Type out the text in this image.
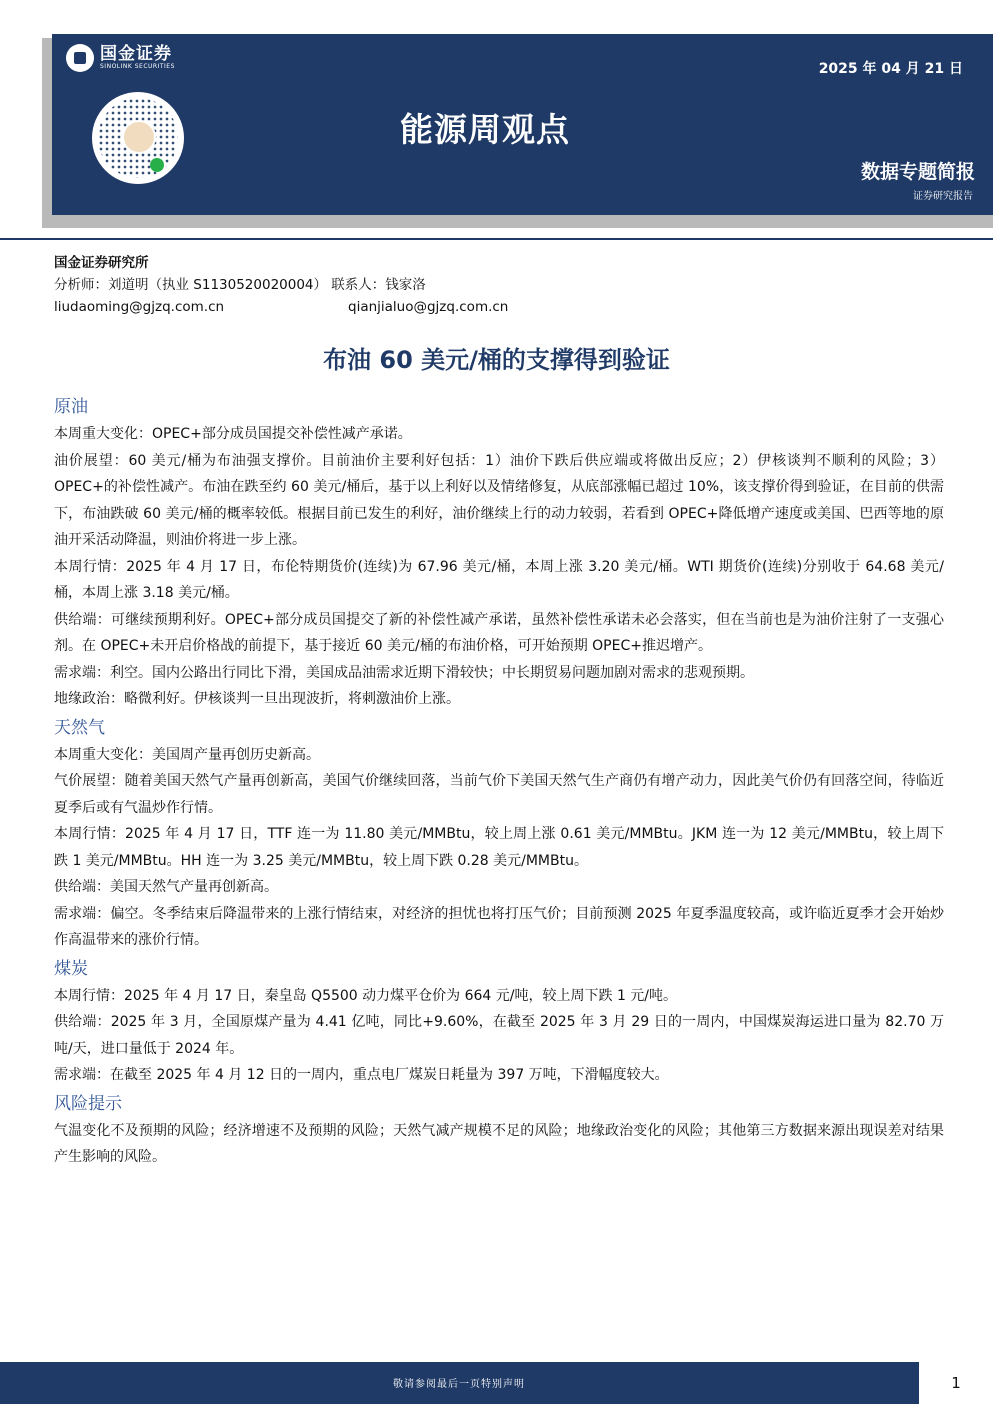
国金证券
SINOLINK SECURITIES	2025 年 04 月 21 日
能源周观点
数据专题简报
证券研究报告
国金证券研究所
分析师：刘道明（执业 S1130520020004） 联系人：钱家洛
liudaoming@gjzq.com.cn	qianjialuo@gjzq.com.cn
布油 60 美元/桶的支撑得到验证
原油

本周重大变化：OPEC+部分成员国提交补偿性减产承诺。

油价展望：60 美元/桶为布油强支撑价。目前油价主要利好包括：1）油价下跌后供应端或将做出反应；2）伊核谈判不顺利的风险；3）OPEC+的补偿性减产。布油在跌至约 60 美元/桶后，基于以上利好以及情绪修复，从底部涨幅已超过 10%，该支撑价得到验证，在目前的供需下，布油跌破 60 美元/桶的概率较低。根据目前已发生的利好，油价继续上行的动力较弱，若看到 OPEC+降低增产速度或美国、巴西等地的原油开采活动降温，则油价将进一步上涨。

本周行情：2025 年 4 月 17 日，布伦特期货价(连续)为 67.96 美元/桶，本周上涨 3.20 美元/桶。WTI 期货价(连续)分别收于 64.68 美元/桶，本周上涨 3.18 美元/桶。

供给端：可继续预期利好。OPEC+部分成员国提交了新的补偿性减产承诺，虽然补偿性承诺未必会落实，但在当前也是为油价注射了一支强心剂。在 OPEC+未开启价格战的前提下，基于接近 60 美元/桶的布油价格，可开始预期 OPEC+推迟增产。

需求端：利空。国内公路出行同比下滑，美国成品油需求近期下滑较快；中长期贸易问题加剧对需求的悲观预期。

地缘政治：略微利好。伊核谈判一旦出现波折，将刺激油价上涨。

天然气

本周重大变化：美国周产量再创历史新高。

气价展望：随着美国天然气产量再创新高，美国气价继续回落，当前气价下美国天然气生产商仍有增产动力，因此美气价仍有回落空间，待临近夏季后或有气温炒作行情。

本周行情：2025 年 4 月 17 日，TTF 连一为 11.80 美元/MMBtu，较上周上涨 0.61 美元/MMBtu。JKM 连一为 12 美元/MMBtu，较上周下跌 1 美元/MMBtu。HH 连一为 3.25 美元/MMBtu，较上周下跌 0.28 美元/MMBtu。

供给端：美国天然气产量再创新高。

需求端：偏空。冬季结束后降温带来的上涨行情结束，对经济的担忧也将打压气价；目前预测 2025 年夏季温度较高，或许临近夏季才会开始炒作高温带来的涨价行情。

煤炭

本周行情：2025 年 4 月 17 日，秦皇岛 Q5500 动力煤平仓价为 664 元/吨，较上周下跌 1 元/吨。

供给端：2025 年 3 月，全国原煤产量为 4.41 亿吨，同比+9.60%，在截至 2025 年 3 月 29 日的一周内，中国煤炭海运进口量为 82.70 万吨/天，进口量低于 2024 年。

需求端：在截至 2025 年 4 月 12 日的一周内，重点电厂煤炭日耗量为 397 万吨，下滑幅度较大。

风险提示

气温变化不及预期的风险；经济增速不及预期的风险；天然气减产规模不足的风险；地缘政治变化的风险；其他第三方数据来源出现误差对结果产生影响的风险。

敬请参阅最后一页特别声明	1
